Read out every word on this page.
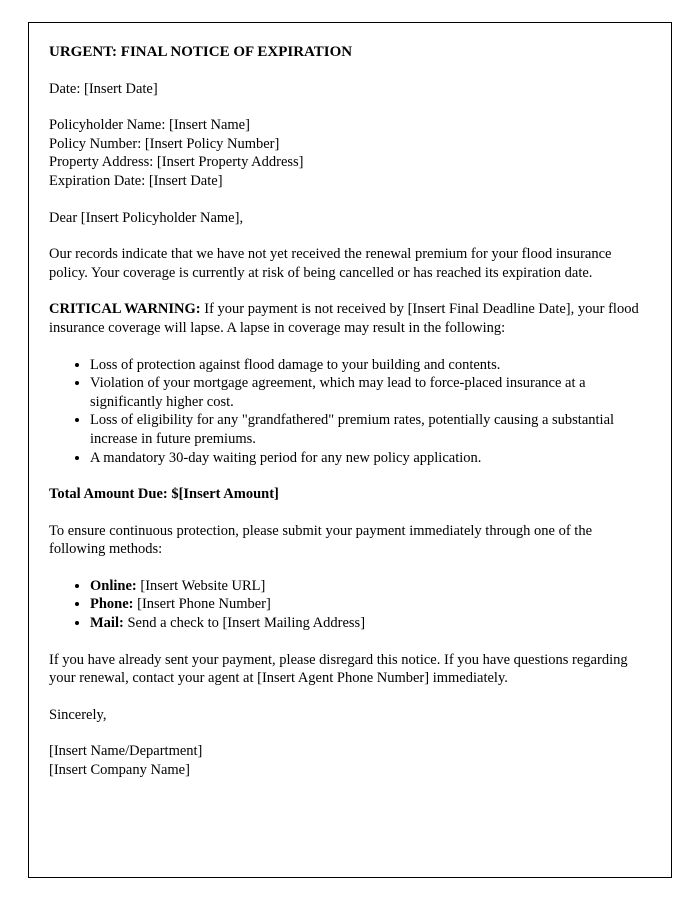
URGENT: FINAL NOTICE OF EXPIRATION

Date: [Insert Date]

Policyholder Name: [Insert Name]
Policy Number: [Insert Policy Number]
Property Address: [Insert Property Address]
Expiration Date: [Insert Date]

Dear [Insert Policyholder Name],

Our records indicate that we have not yet received the renewal premium for your flood insurance policy. Your coverage is currently at risk of being cancelled or has reached its expiration date.

CRITICAL WARNING: If your payment is not received by [Insert Final Deadline Date], your flood insurance coverage will lapse. A lapse in coverage may result in the following:

• Loss of protection against flood damage to your building and contents.
• Violation of your mortgage agreement, which may lead to force-placed insurance at a significantly higher cost.
• Loss of eligibility for any "grandfathered" premium rates, potentially causing a substantial increase in future premiums.
• A mandatory 30-day waiting period for any new policy application.

Total Amount Due: $[Insert Amount]

To ensure continuous protection, please submit your payment immediately through one of the following methods:

• Online: [Insert Website URL]
• Phone: [Insert Phone Number]
• Mail: Send a check to [Insert Mailing Address]

If you have already sent your payment, please disregard this notice. If you have questions regarding your renewal, contact your agent at [Insert Agent Phone Number] immediately.

Sincerely,

[Insert Name/Department]
[Insert Company Name]
